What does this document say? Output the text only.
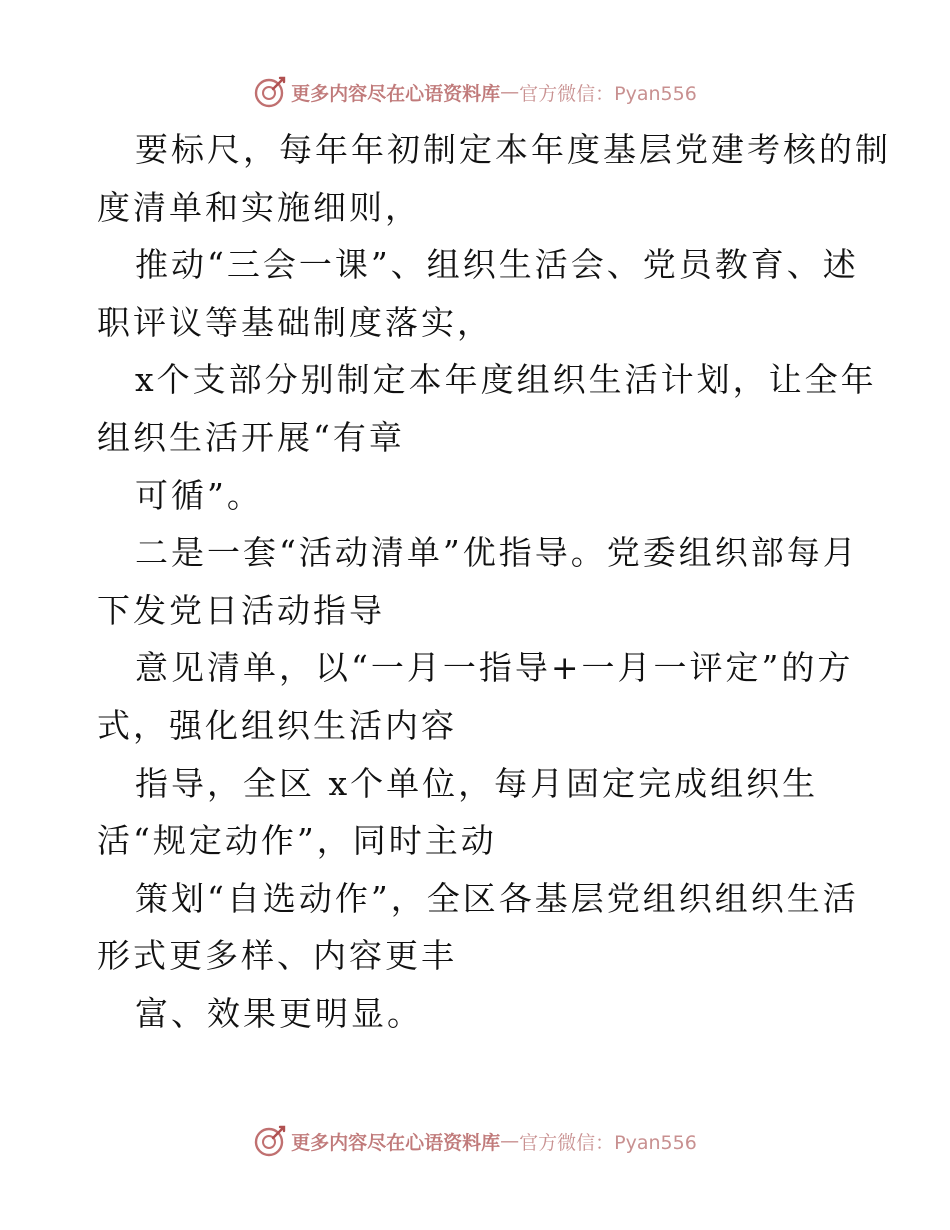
更多内容尽在心语资料库 — 官方微信：Pyan556
要标尺，每年年初制定本年度基层党建考核的制
度清单和实施细则，
推动“三会一课”、组织生活会、党员教育、述
职评议等基础制度落实，
x个支部分别制定本年度组织生活计划，让全年
组织生活开展“有章
可循”。
二是一套“活动清单”优指导。党委组织部每月
下发党日活动指导
意见清单，以“一月一指导+一月一评定”的方
式，强化组织生活内容
指导，全区 x个单位，每月固定完成组织生
活“规定动作”，同时主动
策划“自选动作”，全区各基层党组织组织生活
形式更多样、内容更丰
富、效果更明显。
更多内容尽在心语资料库 — 官方微信：Pyan556
